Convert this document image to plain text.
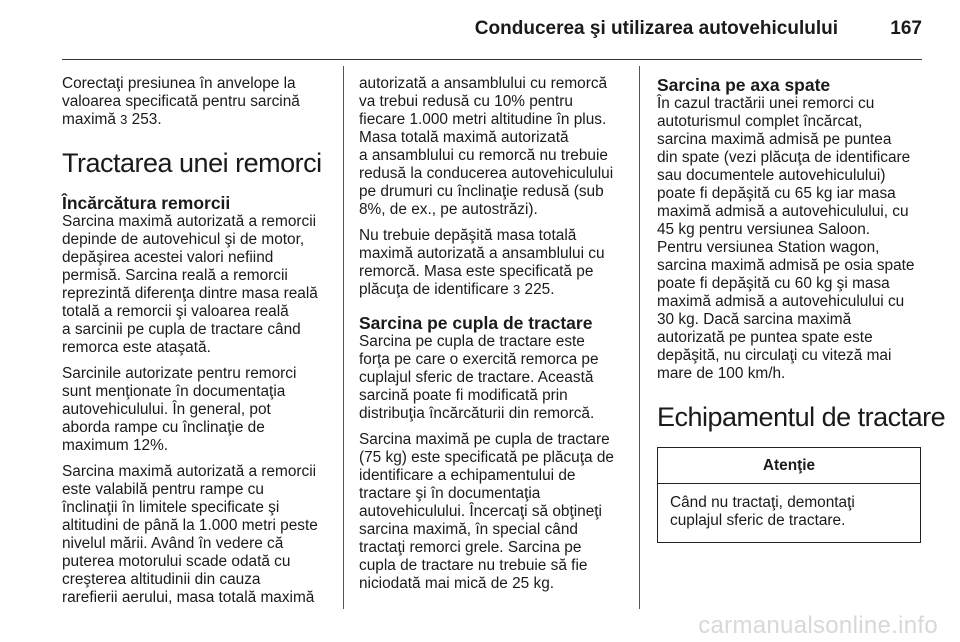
Conducerea şi utilizarea autovehiculului	167

Corectaţi presiunea în anvelope la
valoarea specificată pentru sarcină
maximă 3 253.

Tractarea unei remorci
Încărcătura remorcii

Sarcina maximă autorizată a remorcii
depinde de autovehicul şi de motor,
depăşirea acestei valori nefiind
permisă. Sarcina reală a remorcii
reprezintă diferenţa dintre masa reală
totală a remorcii şi valoarea reală
a sarcinii pe cupla de tractare când
remorca este ataşată.

Sarcinile autorizate pentru remorci
sunt menţionate în documentaţia
autovehiculului. În general, pot
aborda rampe cu înclinaţie de
maximum 12%.

Sarcina maximă autorizată a remorcii
este valabilă pentru rampe cu
înclinaţii în limitele specificate şi
altitudini de până la 1.000 metri peste
nivelul mării. Având în vedere că
puterea motorului scade odată cu
creşterea altitudinii din cauza
rarefierii aerului, masa totală maximă

autorizată a ansamblului cu remorcă
va trebui redusă cu 10% pentru
fiecare 1.000 metri altitudine în plus.
Masa totală maximă autorizată
a ansamblului cu remorcă nu trebuie
redusă la conducerea autovehiculului
pe drumuri cu înclinaţie redusă (sub
8%, de ex., pe autostrăzi).

Nu trebuie depăşită masa totală
maximă autorizată a ansamblului cu
remorcă. Masa este specificată pe
plăcuţa de identificare 3 225.

Sarcina pe cupla de tractare

Sarcina pe cupla de tractare este
forţa pe care o exercită remorca pe
cuplajul sferic de tractare. Această
sarcină poate fi modificată prin
distribuţia încărcăturii din remorcă.

Sarcina maximă pe cupla de tractare
(75 kg) este specificată pe plăcuţa de
identificare a echipamentului de
tractare şi în documentaţia
autovehiculului. Încercaţi să obţineţi
sarcina maximă, în special când
tractaţi remorci grele. Sarcina pe
cupla de tractare nu trebuie să fie
niciodată mai mică de 25 kg.

Sarcina pe axa spate

În cazul tractării unei remorci cu
autoturismul complet încărcat,
sarcina maximă admisă pe puntea
din spate (vezi plăcuţa de identificare
sau documentele autovehiculului)
poate fi depăşită cu 65 kg iar masa
maximă admisă a autovehiculului, cu
45 kg pentru versiunea Saloon.
Pentru versiunea Station wagon,
sarcina maximă admisă pe osia spate
poate fi depăşită cu 60 kg şi masa
maximă admisă a autovehiculului cu
30 kg. Dacă sarcina maximă
autorizată pe puntea spate este
depăşită, nu circulaţi cu viteză mai
mare de 100 km/h.

Echipamentul de tractare
Atenţie
Când nu tractaţi, demontaţi
cuplajul sferic de tractare.
carmanualsonline.info
